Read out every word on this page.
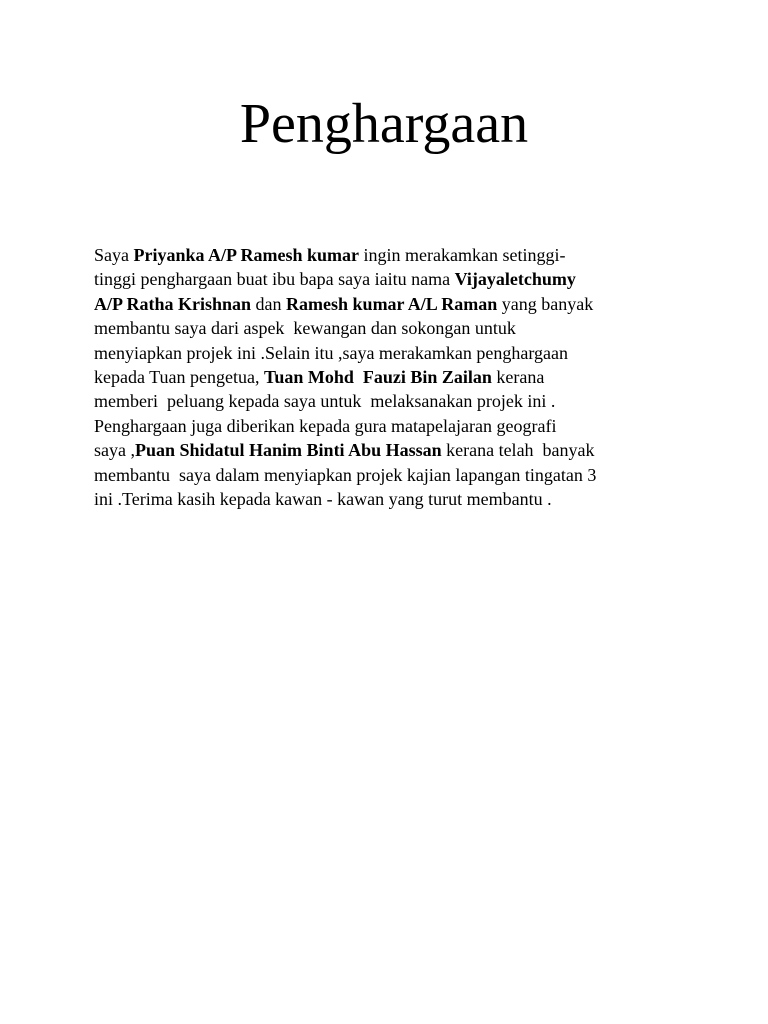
Penghargaan
Saya Priyanka A/P Ramesh kumar ingin merakamkan setinggi-
tinggi penghargaan buat ibu bapa saya iaitu nama Vijayaletchumy
A/P Ratha Krishnan dan Ramesh kumar A/L Raman yang banyak
membantu saya dari aspek  kewangan dan sokongan untuk
menyiapkan projek ini .Selain itu ,saya merakamkan penghargaan
kepada Tuan pengetua, Tuan Mohd  Fauzi Bin Zailan kerana
memberi  peluang kepada saya untuk  melaksanakan projek ini .
Penghargaan juga diberikan kepada gura matapelajaran geografi
saya ,Puan Shidatul Hanim Binti Abu Hassan kerana telah  banyak
membantu  saya dalam menyiapkan projek kajian lapangan tingatan 3
ini .Terima kasih kepada kawan - kawan yang turut membantu .
